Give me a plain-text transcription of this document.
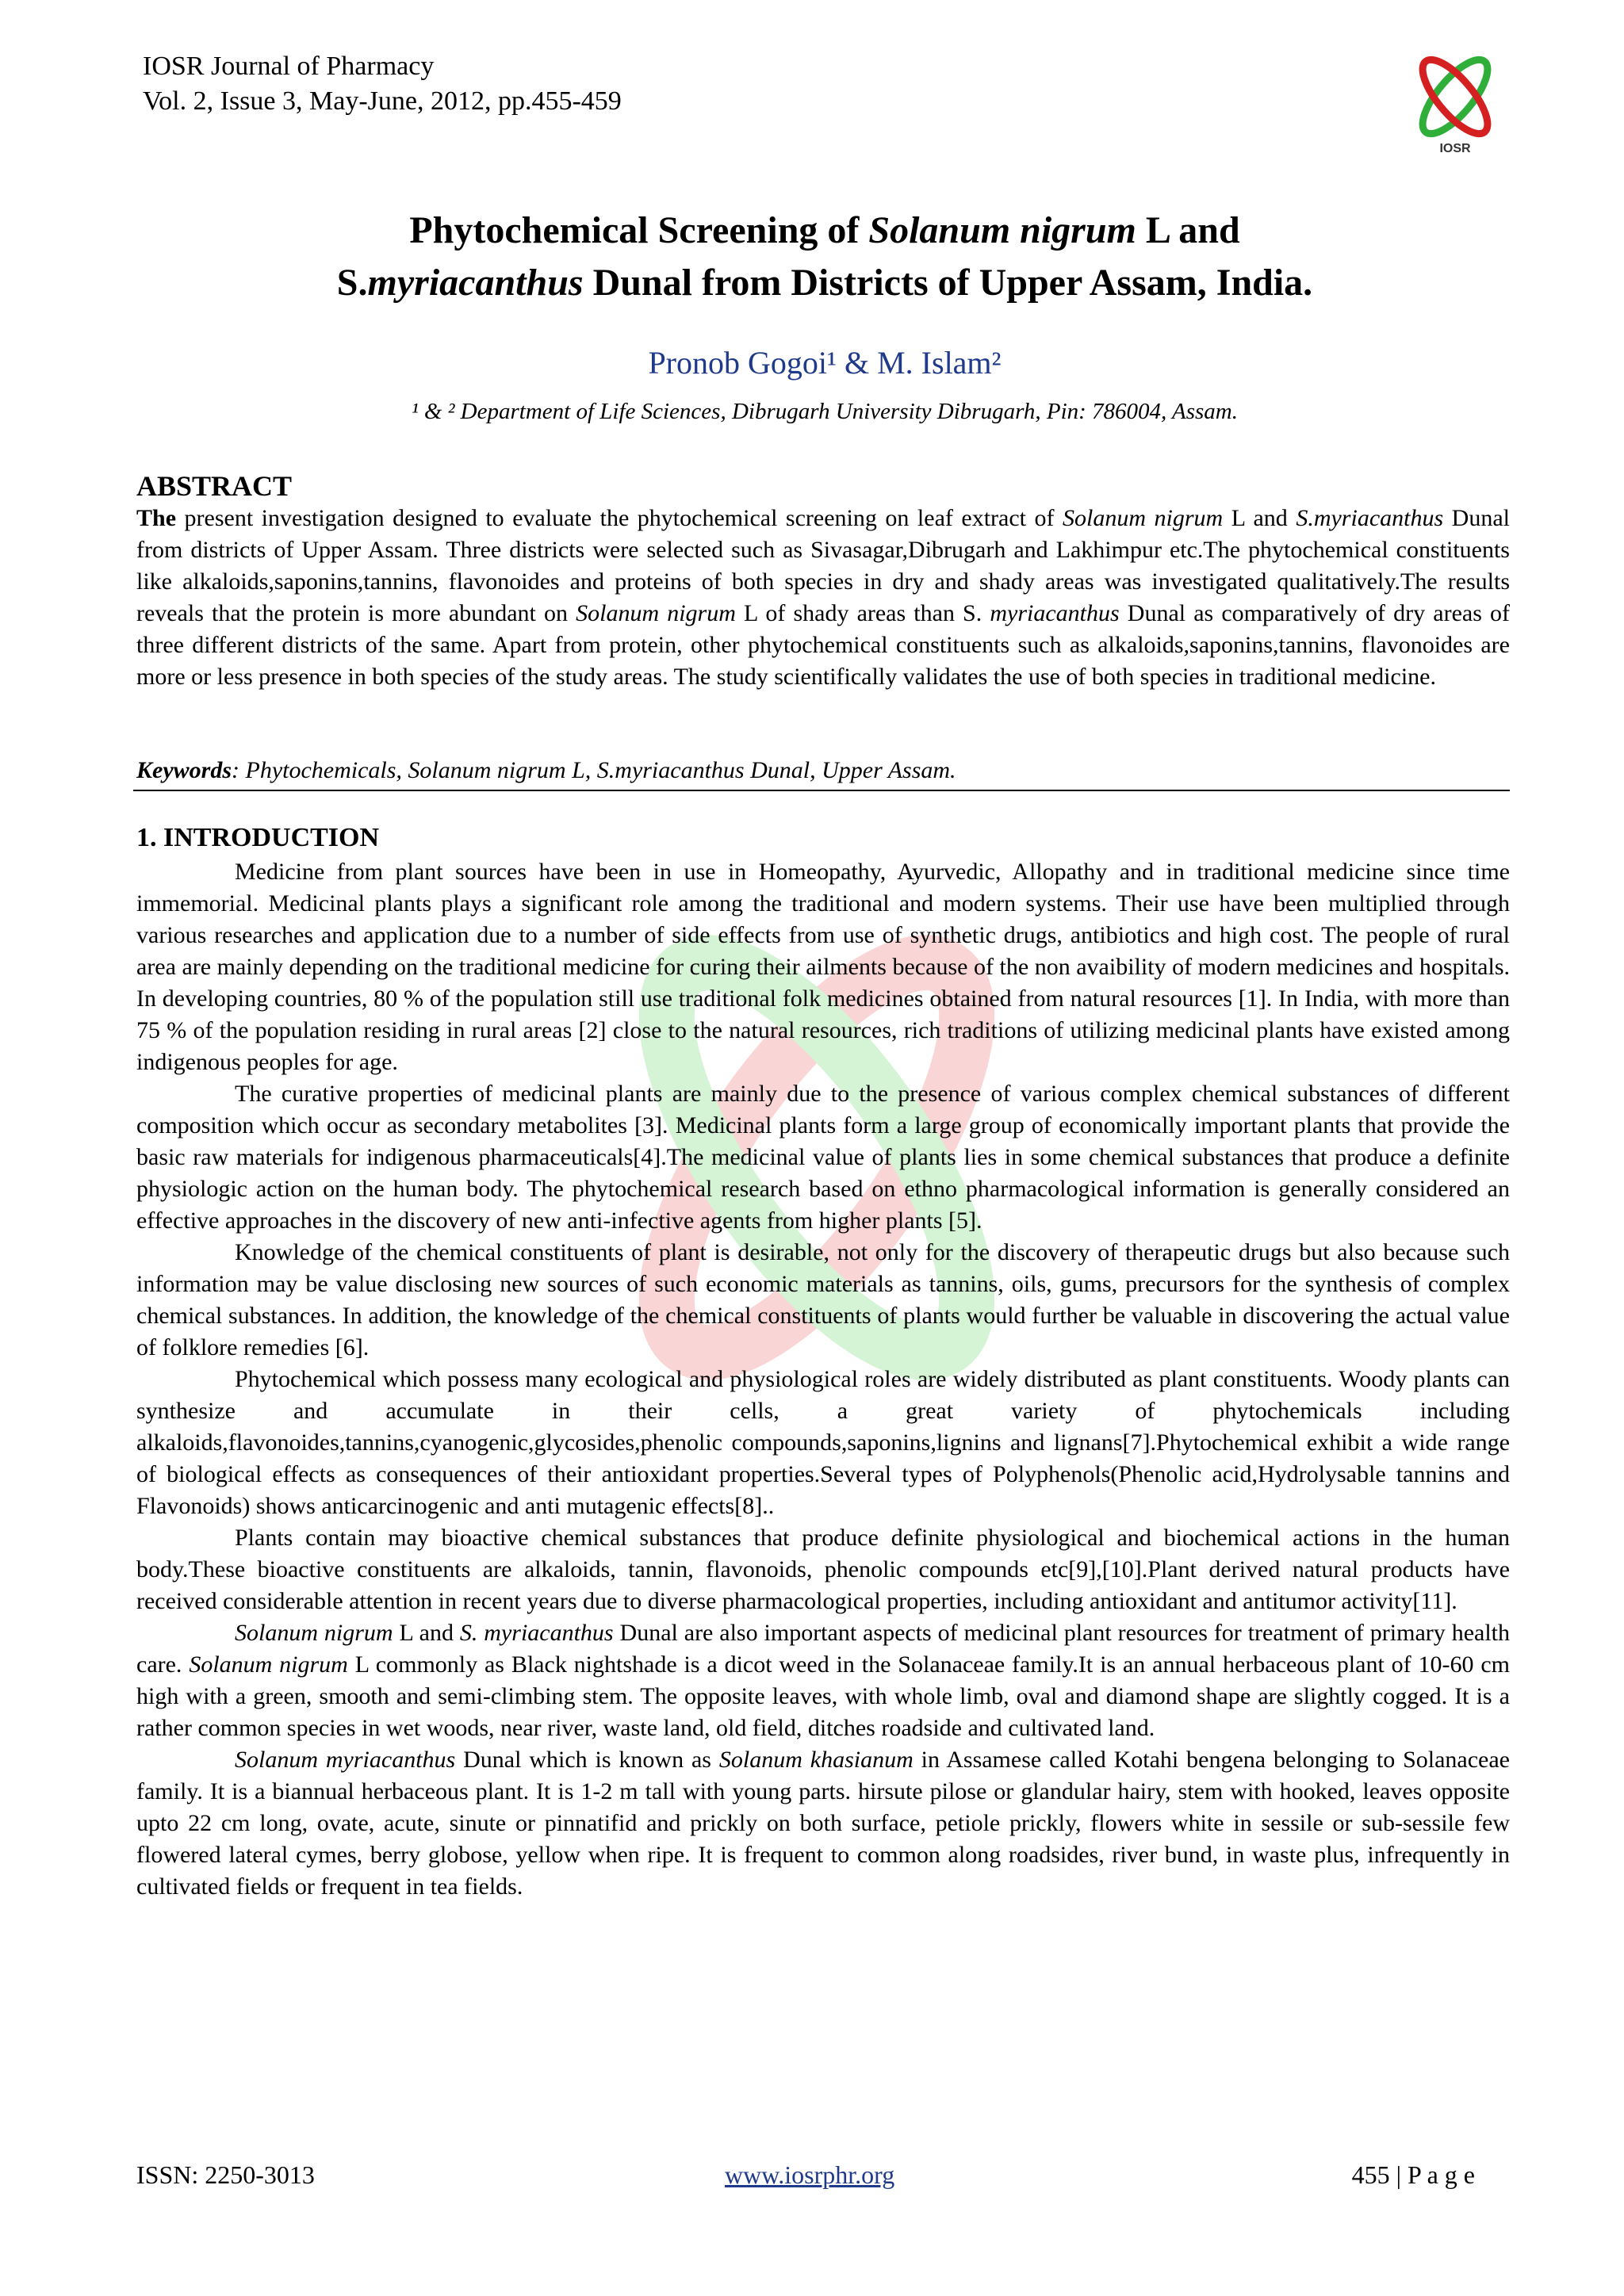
IOSR Journal of Pharmacy
Vol. 2, Issue 3, May-June, 2012, pp.455-459
IOSR
Phytochemical Screening of Solanum nigrum L and
S.myriacanthus Dunal from Districts of Upper Assam, India.
Pronob Gogoi¹ & M. Islam²
¹ & ² Department of Life Sciences, Dibrugarh University Dibrugarh, Pin: 786004, Assam.
ABSTRACT
The present investigation designed to evaluate the phytochemical screening on leaf extract of Solanum nigrum L and S.myriacanthus Dunal from districts of Upper Assam. Three districts were selected such as Sivasagar,Dibrugarh and Lakhimpur etc.The phytochemical constituents like alkaloids,saponins,tannins, flavonoides and proteins of both species in dry and shady areas was investigated qualitatively.The results reveals that the protein is more abundant on Solanum nigrum L of shady areas than S. myriacanthus Dunal as comparatively of dry areas of three different districts of the same. Apart from protein, other phytochemical constituents such as alkaloids,saponins,tannins, flavonoides are more or less presence in both species of the study areas. The study scientifically validates the use of both species in traditional medicine.
Keywords: Phytochemicals, Solanum nigrum L, S.myriacanthus Dunal, Upper Assam.
1. INTRODUCTION

Medicine from plant sources have been in use in Homeopathy, Ayurvedic, Allopathy and in traditional medicine since time immemorial. Medicinal plants plays a significant role among the traditional and modern systems. Their use have been multiplied through various researches and application due to a number of side effects from use of synthetic drugs, antibiotics and high cost. The people of rural area are mainly depending on the traditional medicine for curing their ailments because of the non avaibility of modern medicines and hospitals. In developing countries, 80 % of the population still use traditional folk medicines obtained from natural resources [1]. In India, with more than 75 % of the population residing in rural areas [2] close to the natural resources, rich traditions of utilizing medicinal plants have existed among indigenous peoples for age.

The curative properties of medicinal plants are mainly due to the presence of various complex chemical substances of different composition which occur as secondary metabolites [3]. Medicinal plants form a large group of economically important plants that provide the basic raw materials for indigenous pharmaceuticals[4].The medicinal value of plants lies in some chemical substances that produce a definite physiologic action on the human body. The phytochemical research based on ethno pharmacological information is generally considered an effective approaches in the discovery of new anti-infective agents from higher plants [5].

Knowledge of the chemical constituents of plant is desirable, not only for the discovery of therapeutic drugs but also because such information may be value disclosing new sources of such economic materials as tannins, oils, gums, precursors for the synthesis of complex chemical substances. In addition, the knowledge of the chemical constituents of plants would further be valuable in discovering the actual value of folklore remedies [6].

Phytochemical which possess many ecological and physiological roles are widely distributed as plant constituents. Woody plants can synthesize and accumulate in their cells, a great variety of phytochemicals including alkaloids,flavonoides,tannins,cyanogenic,glycosides,phenolic compounds,saponins,lignins and lignans[7].Phytochemical exhibit a wide range of biological effects as consequences of their antioxidant properties.Several types of Polyphenols(Phenolic acid,Hydrolysable tannins and Flavonoids) shows anticarcinogenic and anti mutagenic effects[8]..

Plants contain may bioactive chemical substances that produce definite physiological and biochemical actions in the human body.These bioactive constituents are alkaloids, tannin, flavonoids, phenolic compounds etc[9],[10].Plant derived natural products have received considerable attention in recent years due to diverse pharmacological properties, including antioxidant and antitumor activity[11].

Solanum nigrum L and S. myriacanthus Dunal are also important aspects of medicinal plant resources for treatment of primary health care. Solanum nigrum L commonly as Black nightshade is a dicot weed in the Solanaceae family.It is an annual herbaceous plant of 10-60 cm high with a green, smooth and semi-climbing stem. The opposite leaves, with whole limb, oval and diamond shape are slightly cogged. It is a rather common species in wet woods, near river, waste land, old field, ditches roadside and cultivated land.

Solanum myriacanthus Dunal which is known as Solanum khasianum in Assamese called Kotahi bengena belonging to Solanaceae family. It is a biannual herbaceous plant. It is 1-2 m tall with young parts. hirsute pilose or glandular hairy, stem with hooked, leaves opposite upto 22 cm long, ovate, acute, sinute or pinnatifid and prickly on both surface, petiole prickly, flowers white in sessile or sub-sessile few flowered lateral cymes, berry globose, yellow when ripe. It is frequent to common along roadsides, river bund, in waste plus, infrequently in cultivated fields or frequent in tea fields.

ISSN: 2250-3013	www.iosrphr.org	455 | P a g e
